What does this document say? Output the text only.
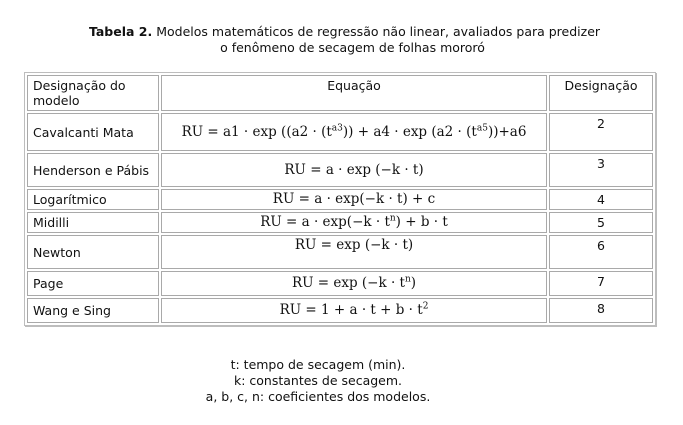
Tabela 2. Modelos matemáticos de regressão não linear, avaliados para predizer
o fenômeno de secagem de folhas mororó
Designação do modelo	Equação	Designação
Cavalcanti Mata	RU = $a1 \cdot \exp ((a2 \cdot (t^{a3})) + a4 \cdot \exp (a2 \cdot (t^{a5}))+a6$	2
Henderson e Pábis	RU = a · exp (−k · t)	3
Logarítmico	RU = a · exp(−k · t) + c	4
Midilli	RU = $a \cdot \exp(-k \cdot t^n) + b \cdot t$	5
Newton	RU = exp (−k · t)	6
Page	RU = $\exp (-k \cdot t^n)$	7
Wang e Sing	RU = $1 + a \cdot t + b \cdot t^2$	8
t: tempo de secagem (min).
k: constantes de secagem.
a, b, c, n: coeficientes dos modelos.
